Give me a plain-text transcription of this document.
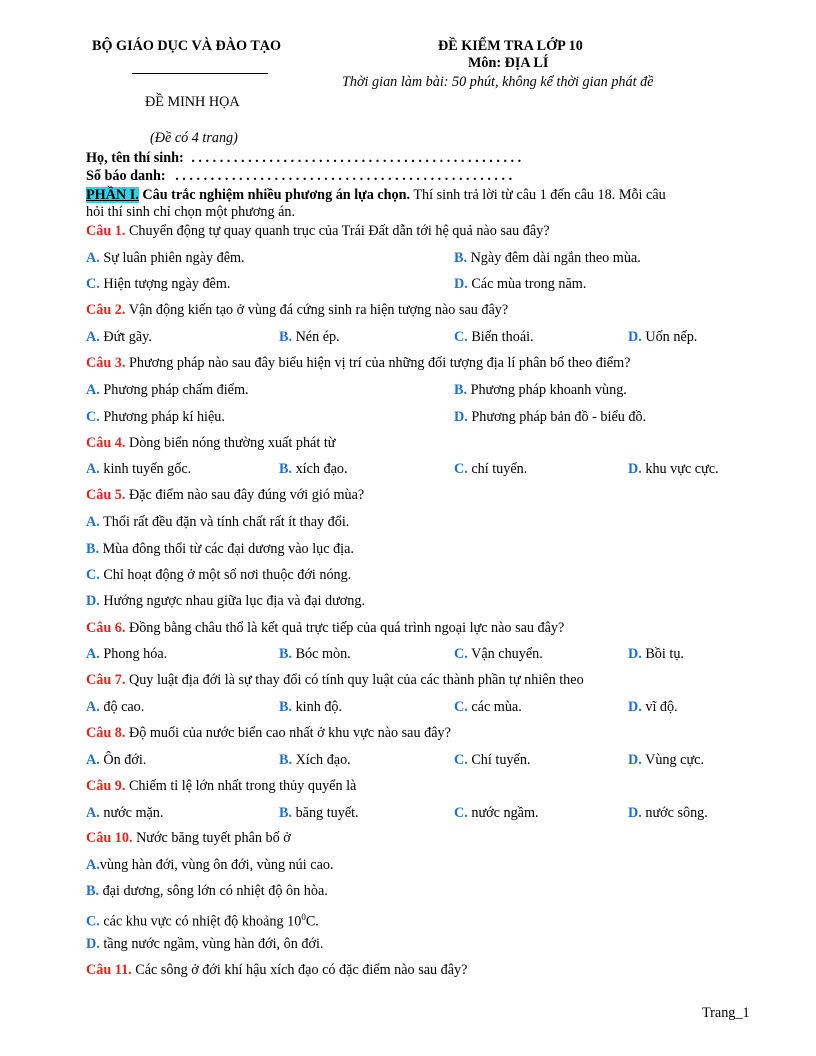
BỘ GIÁO DỤC VÀ ĐÀO TẠO	ĐỀ KIỂM TRA LỚP 10
Môn: ĐỊA LÍ
Thời gian làm bài: 50 phút, không kể thời gian phát đề
ĐỀ MINH HỌA
(Đề có 4 trang)
Họ, tên thí sinh: . . . . . . . . . . . . . . . . . . . . . . . . . . . . . . . . . . . . . . . . . . . . . . .
Số báo danh: . . . . . . . . . . . . . . . . . . . . . . . . . . . . . . . . . . . . . . . . . . . . . . . .
PHẦN I. Câu trắc nghiệm nhiều phương án lựa chọn. Thí sinh trả lời từ câu 1 đến câu 18. Mỗi câu
hỏi thí sinh chỉ chọn một phương án.
Câu 1. Chuyển động tự quay quanh trục của Trái Đất dẫn tới hệ quả nào sau đây?
A. Sự luân phiên ngày đêm.	B. Ngày đêm dài ngắn theo mùa.
C. Hiện tượng ngày đêm.	D. Các mùa trong năm.
Câu 2. Vận động kiến tạo ở vùng đá cứng sinh ra hiện tượng nào sau đây?
A. Đứt gãy.	B. Nén ép.	C. Biển thoái.	D. Uốn nếp.
Câu 3. Phương pháp nào sau đây biểu hiện vị trí của những đối tượng địa lí phân bố theo điểm?
A. Phương pháp chấm điểm.	B. Phương pháp khoanh vùng.
C. Phương pháp kí hiệu.	D. Phương pháp bản đồ - biểu đồ.
Câu 4. Dòng biển nóng thường xuất phát từ
A. kinh tuyến gốc.	B. xích đạo.	C. chí tuyến.	D. khu vực cực.
Câu 5. Đặc điểm nào sau đây đúng với gió mùa?
A. Thổi rất đều đặn và tính chất rất ít thay đổi.
B. Mùa đông thổi từ các đại dương vào lục địa.
C. Chỉ hoạt động ở một số nơi thuộc đới nóng.
D. Hướng ngược nhau giữa lục địa và đại dương.
Câu 6. Đồng bằng châu thổ là kết quả trực tiếp của quá trình ngoại lực nào sau đây?
A. Phong hóa.	B. Bóc mòn.	C. Vận chuyển.	D. Bồi tụ.
Câu 7. Quy luật địa đới là sự thay đổi có tính quy luật của các thành phần tự nhiên theo
A. độ cao.	B. kinh độ.	C. các mùa.	D. vĩ độ.
Câu 8. Độ muối của nước biển cao nhất ở khu vực nào sau đây?
A. Ôn đới.	B. Xích đạo.	C. Chí tuyến.	D. Vùng cực.
Câu 9. Chiếm tỉ lệ lớn nhất trong thủy quyển là
A. nước mặn.	B. băng tuyết.	C. nước ngầm.	D. nước sông.
Câu 10. Nước băng tuyết phân bố ở
A.vùng hàn đới, vùng ôn đới, vùng núi cao.
B. đại dương, sông lớn có nhiệt độ ôn hòa.
C. các khu vực có nhiệt độ khoảng $10^0C$.
D. tầng nước ngầm, vùng hàn đới, ôn đới.
Câu 11. Các sông ở đới khí hậu xích đạo có đặc điểm nào sau đây?
Trang_1
